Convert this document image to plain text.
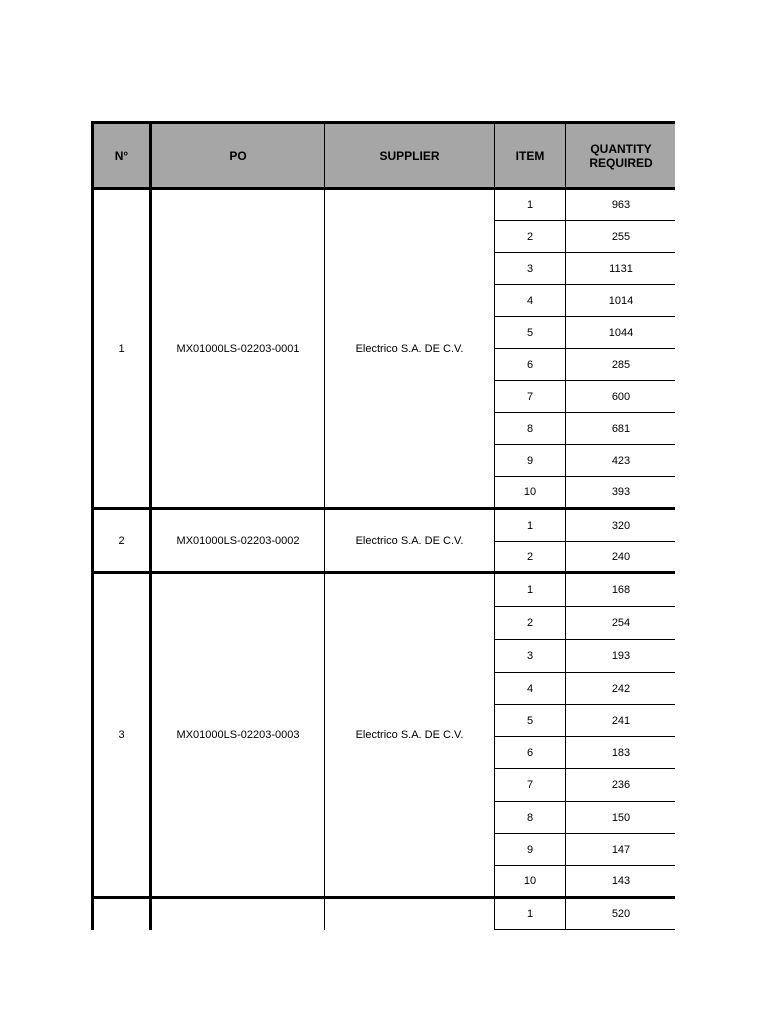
N°	PO	SUPPLIER	ITEM	QUANTITY
REQUIRED

1	MX01000LS-02203-0001	Electrico S.A. DE C.V.	1	963
			2	255
			3	1131
			4	1014
			5	1044
			6	285
			7	600
			8	681
			9	423
			10	393
2	MX01000LS-02203-0002	Electrico S.A. DE C.V.	1	320
			2	240
3	MX01000LS-02203-0003	Electrico S.A. DE C.V.	1	168
			2	254
			3	193
			4	242
			5	241
			6	183
			7	236
			8	150
			9	147
			10	143
			1	520
